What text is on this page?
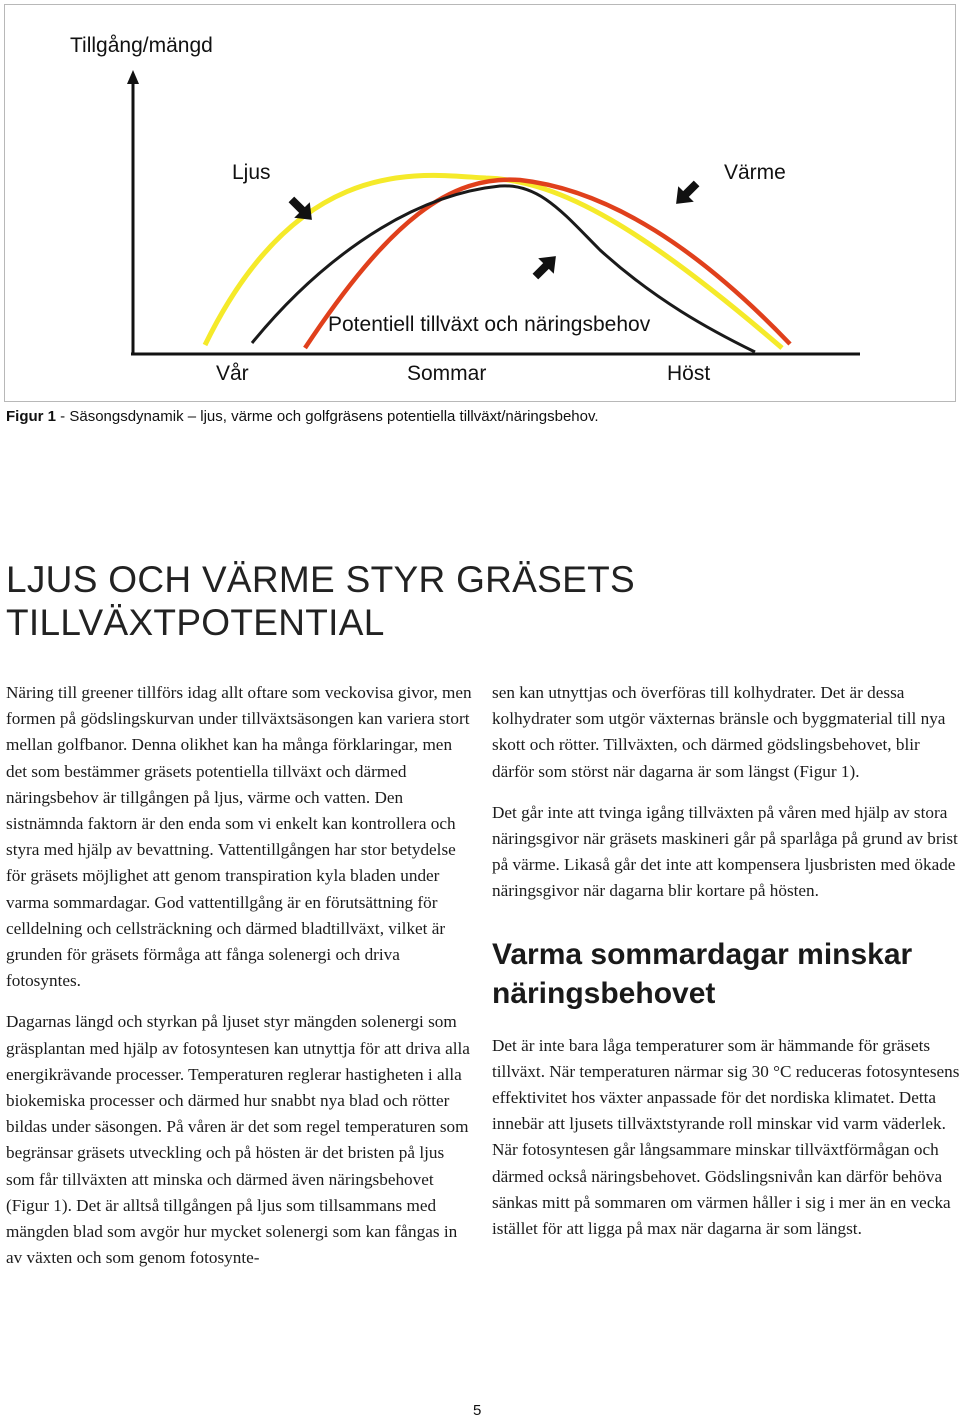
Tillgång/mängd
Ljus	Värme
Potentiell tillväxt och näringsbehov
Vår	Sommar	Höst
Figur 1 - Säsongsdynamik – ljus, värme och golfgräsens potentiella tillväxt/näringsbehov.
LJUS OCH VÄRME STYR GRÄSETS TILLVÄXTPOTENTIAL

Näring till greener tillförs idag allt oftare som veckovisa givor, men formen på gödslingskurvan under tillväxtsäsongen kan variera stort mellan golfbanor. Denna olikhet kan ha många förklaringar, men det som bestämmer gräsets potentiella tillväxt och därmed näringsbehov är tillgången på ljus, värme och vatten. Den sistnämnda faktorn är den enda som vi enkelt kan kontrollera och styra med hjälp av bevattning. Vattentillgången har stor betydelse för gräsets möjlighet att genom transpiration kyla bladen under varma sommardagar. God vattentillgång är en förutsättning för celldelning och cellsträckning och därmed bladtillväxt, vilket är grunden för gräsets förmåga att fånga solenergi och driva fotosyntes.

Dagarnas längd och styrkan på ljuset styr mängden solenergi som gräsplantan med hjälp av fotosyntesen kan utnyttja för att driva alla energikrävande processer. Temperaturen reglerar hastigheten i alla biokemiska processer och därmed hur snabbt nya blad och rötter bildas under säsongen. På våren är det som regel temperaturen som begränsar gräsets utveckling och på hösten är det bristen på ljus som får tillväxten att minska och därmed även näringsbehovet (Figur 1). Det är alltså tillgången på ljus som tillsammans med mängden blad som avgör hur mycket solenergi som kan fångas in av växten och som genom fotosynte-

sen kan utnyttjas och överföras till kolhydrater. Det är dessa kolhydrater som utgör växternas bränsle och byggmaterial till nya skott och rötter. Tillväxten, och därmed gödslingsbehovet, blir därför som störst när dagarna är som längst (Figur 1).

Det går inte att tvinga igång tillväxten på våren med hjälp av stora näringsgivor när gräsets maskineri går på sparlåga på grund av brist på värme. Likaså går det inte att kompensera ljusbristen med ökade näringsgivor när dagarna blir kortare på hösten.

Varma sommardagar minskar näringsbehovet

Det är inte bara låga temperaturer som är hämmande för gräsets tillväxt. När temperaturen närmar sig 30 °C reduceras fotosyntesens effektivitet hos växter anpassade för det nordiska klimatet. Detta innebär att ljusets tillväxtstyrande roll minskar vid varm väderlek. När fotosyntesen går långsammare minskar tillväxtförmågan och därmed också näringsbehovet. Gödslingsnivån kan därför behöva sänkas mitt på sommaren om värmen håller i sig i mer än en vecka istället för att ligga på max när dagarna är som längst.

5
